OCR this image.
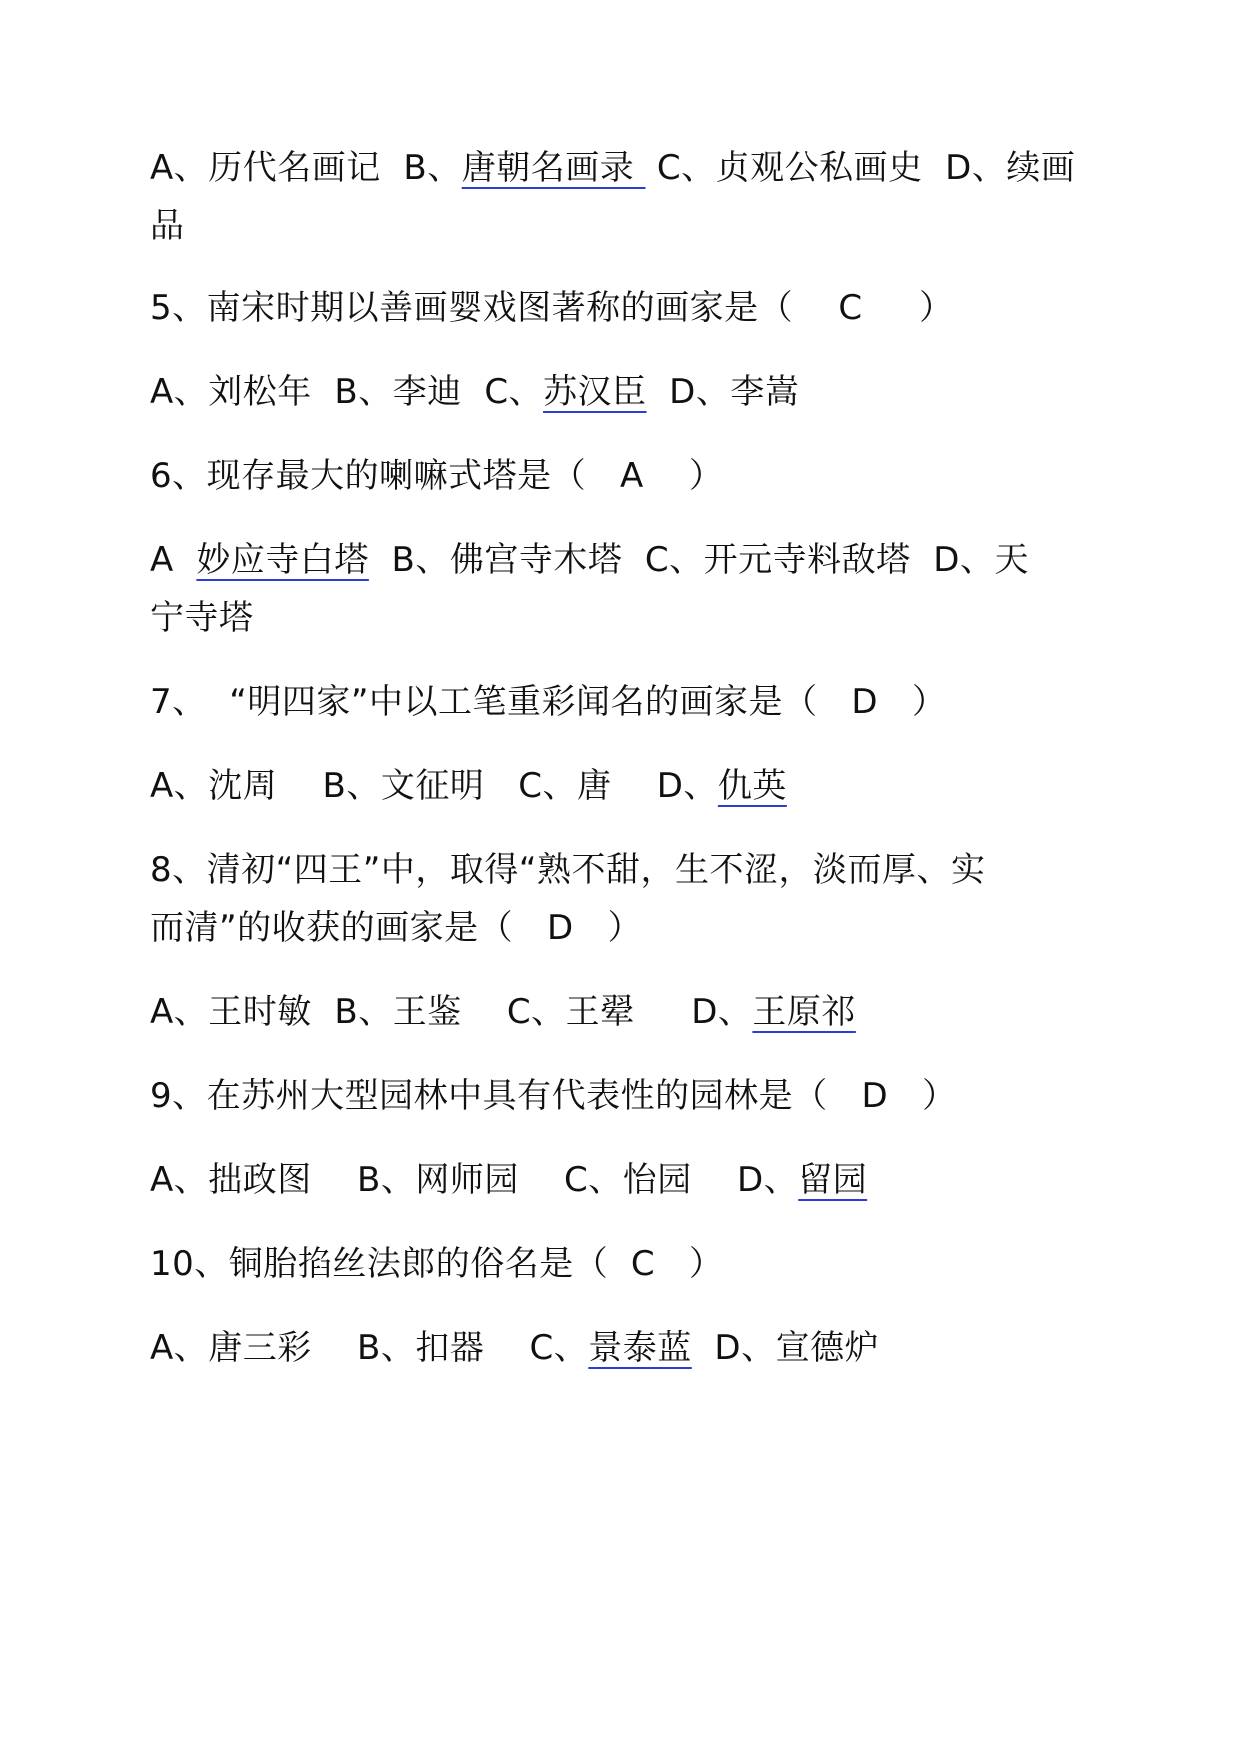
A、历代名画记  B、唐朝名画录  C、贞观公私画史  D、续画
品
5、南宋时期以善画婴戏图著称的画家是（    C     ）
A、刘松年  B、李迪  C、苏汉臣  D、李嵩
6、现存最大的喇嘛式塔是（   A    ）
A  妙应寺白塔  B、佛宫寺木塔  C、开元寺料敌塔  D、天
宁寺塔
7、  “明四家”中以工笔重彩闻名的画家是（   D   ）
A、沈周    B、文征明   C、唐    D、仇英
8、清初“四王”中，取得“熟不甜，生不涩，淡而厚、实
而清”的收获的画家是（   D   ）
A、王时敏  B、王鉴    C、王翚     D、王原祁
9、在苏州大型园林中具有代表性的园林是（   D   ）
A、拙政图    B、网师园    C、怡园    D、留园
10、铜胎掐丝法郎的俗名是（  C   ）
A、唐三彩    B、扣器    C、景泰蓝  D、宣德炉
